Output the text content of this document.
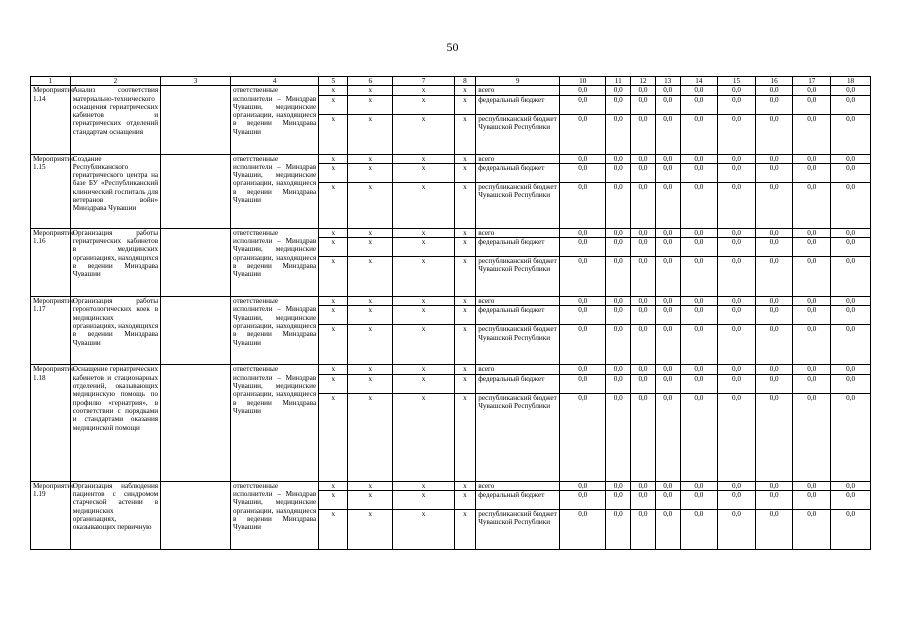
50
1	2	3	4	5	6	7	8	9	10	11	12	13	14	15	16	17	18
Мероприятие 1.14	Анализ соответствия материально-технического оснащения гериатрических кабинетов и гериатрических отделений стандартам оснащения		ответственные исполнители – Минздрав Чувашии, медицинские организации, находящиеся в ведении Минздрава Чувашии	х	х	х	х	всего	0,0	0,0	0,0	0,0	0,0	0,0	0,0	0,0	0,0
				х	х	х	х	федеральный бюджет	0,0	0,0	0,0	0,0	0,0	0,0	0,0	0,0	0,0
				х	х	х	х	республиканский бюджет Чувашской Республики	0,0	0,0	0,0	0,0	0,0	0,0	0,0	0,0	0,0
Мероприятие 1.15	Создание Республиканского гериатрического центра на базе БУ «Республиканский клинический госпиталь для ветеранов войн» Минздрава Чувашии		ответственные исполнители – Минздрав Чувашии, медицинские организации, находящиеся в ведении Минздрава Чувашии	х	х	х	х	всего	0,0	0,0	0,0	0,0	0,0	0,0	0,0	0,0	0,0
				х	х	х	х	федеральный бюджет	0,0	0,0	0,0	0,0	0,0	0,0	0,0	0,0	0,0
				х	х	х	х	республиканский бюджет Чувашской Республики	0,0	0,0	0,0	0,0	0,0	0,0	0,0	0,0	0,0
Мероприятие 1.16	Организация работы гериатрических кабинетов в медицинских организациях, находящихся в ведении Минздрава Чувашии		ответственные исполнители – Минздрав Чувашии, медицинские организации, находящиеся в ведении Минздрава Чувашии	х	х	х	х	всего	0,0	0,0	0,0	0,0	0,0	0,0	0,0	0,0	0,0
				х	х	х	х	федеральный бюджет	0,0	0,0	0,0	0,0	0,0	0,0	0,0	0,0	0,0
				х	х	х	х	республиканский бюджет Чувашской Республики	0,0	0,0	0,0	0,0	0,0	0,0	0,0	0,0	0,0
Мероприятие 1.17	Организация работы геронтологических коек в медицинских организациях, находящихся в ведении Минздрава Чувашии		ответственные исполнители – Минздрав Чувашии, медицинские организации, находящиеся в ведении Минздрава Чувашии	х	х	х	х	всего	0,0	0,0	0,0	0,0	0,0	0,0	0,0	0,0	0,0
				х	х	х	х	федеральный бюджет	0,0	0,0	0,0	0,0	0,0	0,0	0,0	0,0	0,0
				х	х	х	х	республиканский бюджет Чувашской Республики	0,0	0,0	0,0	0,0	0,0	0,0	0,0	0,0	0,0
Мероприятие 1.18	Оснащение гериатрических кабинетов и стационарных отделений, оказывающих медицинскую помощь по профилю «гериатрия», в соответствии с порядками и стандартами оказания медицинской помощи		ответственные исполнители – Минздрав Чувашии, медицинские организации, находящиеся в ведении Минздрава Чувашии	х	х	х	х	всего	0,0	0,0	0,0	0,0	0,0	0,0	0,0	0,0	0,0
				х	х	х	х	федеральный бюджет	0,0	0,0	0,0	0,0	0,0	0,0	0,0	0,0	0,0
				х	х	х	х	республиканский бюджет Чувашской Республики	0,0	0,0	0,0	0,0	0,0	0,0	0,0	0,0	0,0
Мероприятие 1.19	Организация наблюдения пациентов с синдромом старческой астении в медицинских организациях, оказывающих первичную		ответственные исполнители – Минздрав Чувашии, медицинские организации, находящиеся в ведении Минздрава Чувашии	х	х	х	х	всего	0,0	0,0	0,0	0,0	0,0	0,0	0,0	0,0	0,0
				х	х	х	х	федеральный бюджет	0,0	0,0	0,0	0,0	0,0	0,0	0,0	0,0	0,0
				х	х	х	х	республиканский бюджет Чувашской Республики	0,0	0,0	0,0	0,0	0,0	0,0	0,0	0,0	0,0
